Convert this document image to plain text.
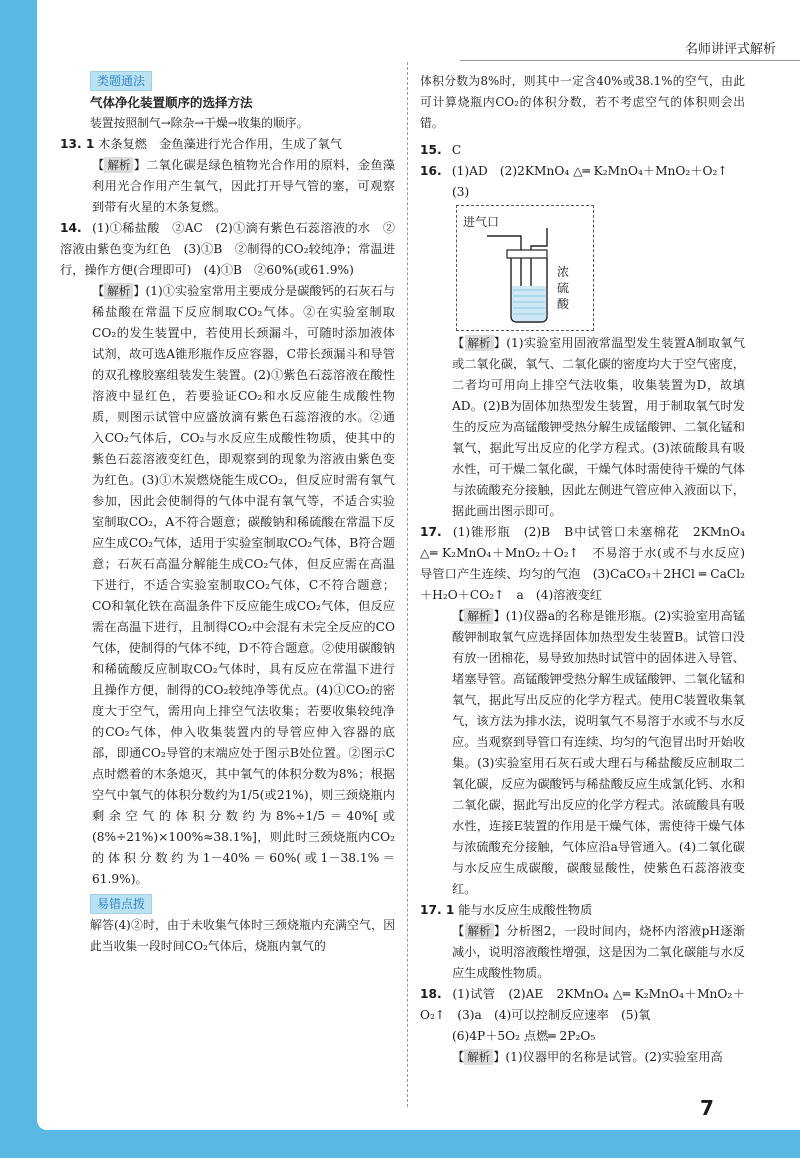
名师讲评式解析
类题通法
气体净化装置顺序的选择方法
装置按照制气→除杂→干燥→收集的顺序。

13. 1 木条复燃　金鱼藻进行光合作用，生成了氧气

【 解析 】二氧化碳是绿色植物光合作用的原料，金鱼藻利用光合作用产生氧气，因此打开导气管的塞，可观察到带有火星的木条复燃。

14. (1)①稀盐酸　②AC　(2)①滴有紫色石蕊溶液的水　②溶液由紫色变为红色　(3)①B　②制得的CO₂较纯净；常温进行，操作方便(合理即可)　(4)①B　②60%(或61.9%)

【 解析 】(1)①实验室常用主要成分是碳酸钙的石灰石与稀盐酸在常温下反应制取CO₂气体。②在实验室制取CO₂的发生装置中，若使用长颈漏斗，可随时添加液体试剂，故可选A锥形瓶作反应容器，C带长颈漏斗和导管的双孔橡胶塞组装发生装置。(2)①紫色石蕊溶液在酸性溶液中显红色，若要验证CO₂和水反应能生成酸性物质，则图示试管中应盛放滴有紫色石蕊溶液的水。②通入CO₂气体后，CO₂与水反应生成酸性物质，使其中的紫色石蕊溶液变红色，即观察到的现象为溶液由紫色变为红色。(3)①木炭燃烧能生成CO₂，但反应时需有氧气参加，因此会使制得的气体中混有氧气等，不适合实验室制取CO₂，A不符合题意；碳酸钠和稀硫酸在常温下反应生成CO₂气体，适用于实验室制取CO₂气体，B符合题意；石灰石高温分解能生成CO₂气体，但反应需在高温下进行，不适合实验室制取CO₂气体，C不符合题意；CO和氧化铁在高温条件下反应能生成CO₂气体，但反应需在高温下进行，且制得CO₂中会混有未完全反应的CO气体，使制得的气体不纯，D不符合题意。②使用碳酸钠和稀硫酸反应制取CO₂气体时，具有反应在常温下进行且操作方便，制得的CO₂较纯净等优点。(4)①CO₂的密度大于空气，需用向上排空气法收集；若要收集较纯净的CO₂气体，伸入收集装置内的导管应伸入容器的底部，即通CO₂导管的末端应处于图示B处位置。②图示C点时燃着的木条熄灭，其中氧气的体积分数为8%；根据空气中氧气的体积分数约为1/5(或21%)，则三颈烧瓶内剩余空气的体积分数约为8%÷1/5＝40%[或(8%÷21%)×100%≈38.1%]，则此时三颈烧瓶内CO₂的体积分数约为1－40%＝60%(或1－38.1%＝61.9%)。

易错点拨
解答(4)②时，由于未收集气体时三颈烧瓶内充满空气，因此当收集一段时间CO₂气体后，烧瓶内氧气的

体积分数为8%时，则其中一定含40%或38.1%的空气，由此可计算烧瓶内CO₂的体积分数，若不考虑空气的体积则会出错。

15. C

16. (1)AD　(2)2KMnO₄ △═ K₂MnO₄＋MnO₂＋O₂↑

(3)

进气口
浓硫酸

【 解析 】(1)实验室用固液常温型发生装置A制取氧气或二氧化碳，氧气、二氧化碳的密度均大于空气密度，二者均可用向上排空气法收集，收集装置为D，故填AD。(2)B为固体加热型发生装置，用于制取氧气时发生的反应为高锰酸钾受热分解生成锰酸钾、二氧化锰和氧气，据此写出反应的化学方程式。(3)浓硫酸具有吸水性，可干燥二氧化碳，干燥气体时需使待干燥的气体与浓硫酸充分接触，因此左侧进气管应伸入液面以下，据此画出图示即可。

17. (1)锥形瓶　(2)B　B中试管口未塞棉花　2KMnO₄ △═ K₂MnO₄＋MnO₂＋O₂↑　不易溶于水(或不与水反应)　导管口产生连续、均匀的气泡　(3)CaCO₃＋2HCl ═ CaCl₂＋H₂O＋CO₂↑　a　(4)溶液变红

【 解析 】(1)仪器a的名称是锥形瓶。(2)实验室用高锰酸钾制取氧气应选择固体加热型发生装置B。试管口没有放一团棉花，易导致加热时试管中的固体进入导管、堵塞导管。高锰酸钾受热分解生成锰酸钾、二氧化锰和氧气，据此写出反应的化学方程式。使用C装置收集氧气，该方法为排水法，说明氧气不易溶于水或不与水反应。当观察到导管口有连续、均匀的气泡冒出时开始收集。(3)实验室用石灰石或大理石与稀盐酸反应制取二氧化碳，反应为碳酸钙与稀盐酸反应生成氯化钙、水和二氧化碳，据此写出反应的化学方程式。浓硫酸具有吸水性，连接E装置的作用是干燥气体，需使待干燥气体与浓硫酸充分接触，气体应沿a导管通入。(4)二氧化碳与水反应生成碳酸，碳酸显酸性，使紫色石蕊溶液变红。

17. 1 能与水反应生成酸性物质

【 解析 】分析图2，一段时间内，烧杯内溶液pH逐渐减小，说明溶液酸性增强，这是因为二氧化碳能与水反应生成酸性物质。

18. (1)试管　(2)AE　2KMnO₄ △═ K₂MnO₄＋MnO₂＋O₂↑　(3)a　(4)可以控制反应速率　(5)氧

(6)4P＋5O₂ 点燃═ 2P₂O₅

【 解析 】(1)仪器甲的名称是试管。(2)实验室用高

7
